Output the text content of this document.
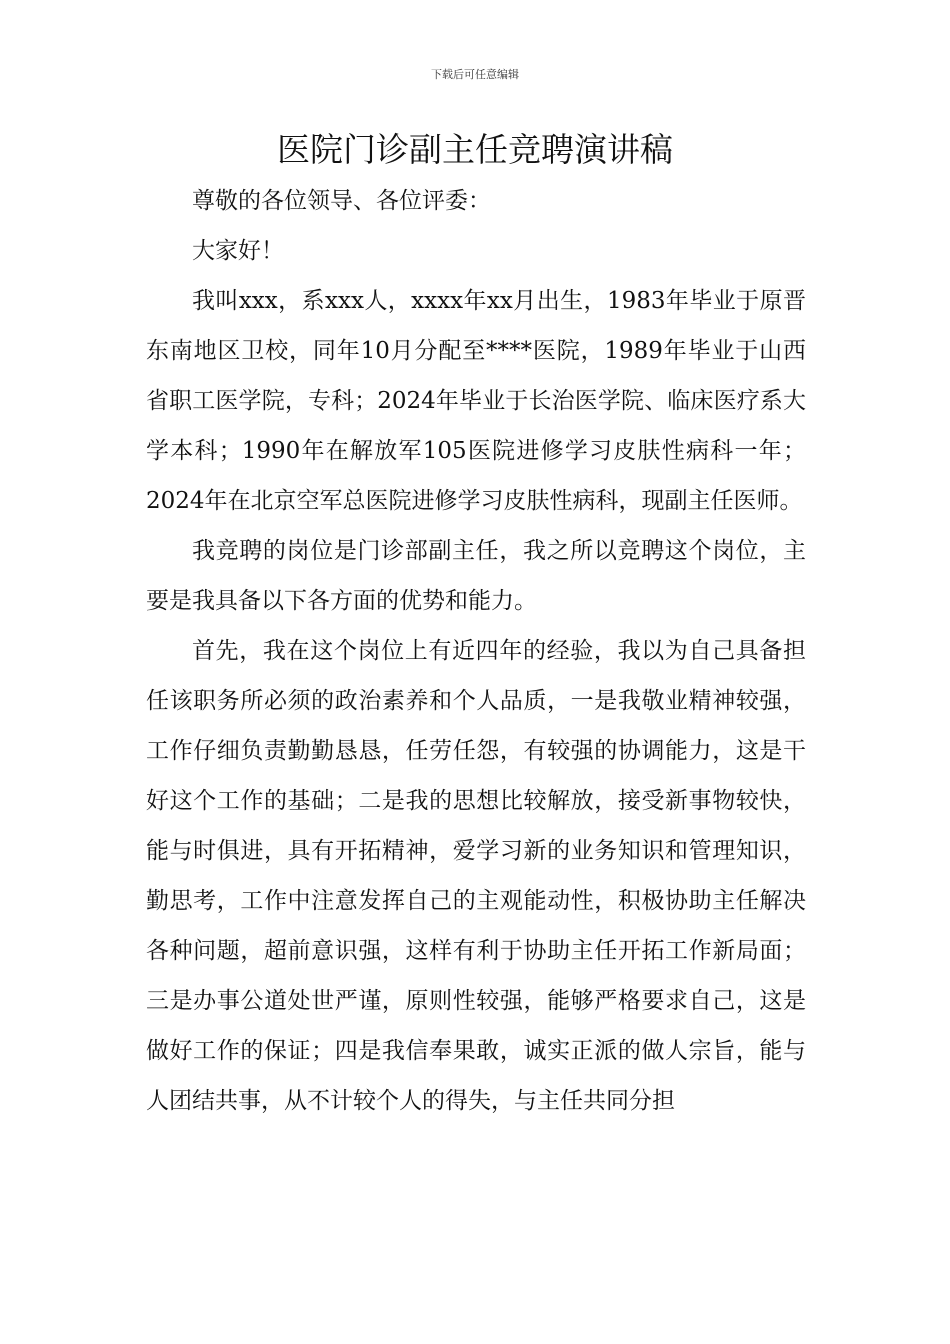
下载后可任意编辑
医院门诊副主任竞聘演讲稿

尊敬的各位领导、各位评委：

大家好！

我叫xxx，系xxx人，xxxx年xx月出生，1983年毕业于原晋东南地区卫校，同年10月分配至****医院，1989年毕业于山西省职工医学院，专科；2024年毕业于长治医学院、临床医疗系大学本科；1990年在解放军105医院进修学习皮肤性病科一年；2024年在北京空军总医院进修学习皮肤性病科，现副主任医师。

我竞聘的岗位是门诊部副主任，我之所以竞聘这个岗位，主要是我具备以下各方面的优势和能力。

首先，我在这个岗位上有近四年的经验，我以为自己具备担任该职务所必须的政治素养和个人品质，一是我敬业精神较强，工作仔细负责勤勤恳恳，任劳任怨，有较强的协调能力，这是干好这个工作的基础；二是我的思想比较解放，接受新事物较快，能与时俱进，具有开拓精神，爱学习新的业务知识和管理知识，勤思考，工作中注意发挥自己的主观能动性，积极协助主任解决各种问题，超前意识强，这样有利于协助主任开拓工作新局面；三是办事公道处世严谨，原则性较强，能够严格要求自己，这是做好工作的保证；四是我信奉果敢，诚实正派的做人宗旨，能与人团结共事，从不计较个人的得失，与主任共同分担
